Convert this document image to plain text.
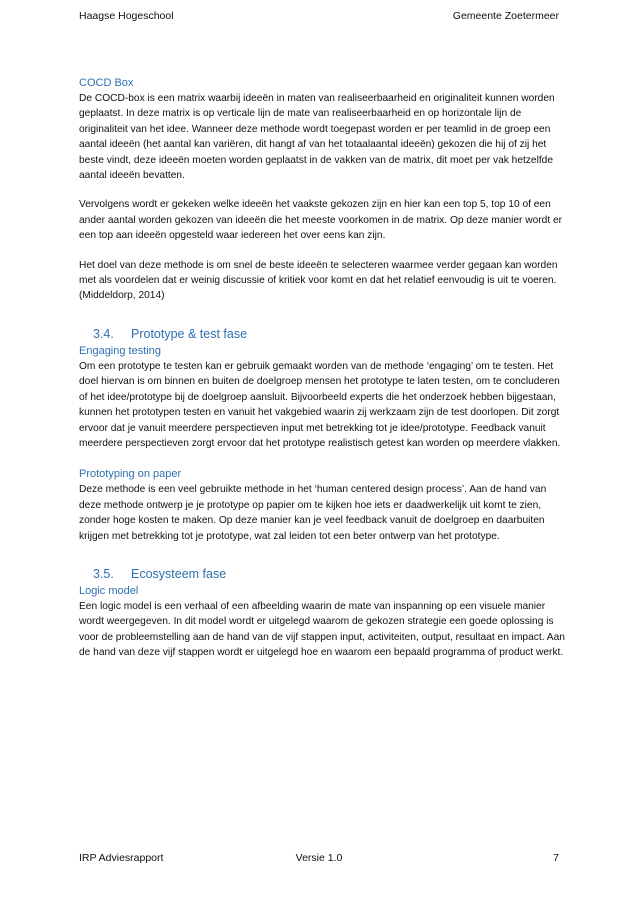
Haagse Hogeschool	Gemeente Zoetermeer
COCD Box

De COCD-box is een matrix waarbij ideeën in maten van realiseerbaarheid en originaliteit kunnen worden geplaatst. In deze matrix is op verticale lijn de mate van realiseerbaarheid en op horizontale lijn de originaliteit van het idee. Wanneer deze methode wordt toegepast worden er per teamlid in de groep een aantal ideeën (het aantal kan variëren, dit hangt af van het totaalaantal ideeën) gekozen die hij of zij het beste vindt, deze ideeën moeten worden geplaatst in de vakken van de matrix, dit moet per vak hetzelfde aantal ideeën bevatten.

Vervolgens wordt er gekeken welke ideeën het vaakste gekozen zijn en hier kan een top 5, top 10 of een ander aantal worden gekozen van ideeën die het meeste voorkomen in de matrix. Op deze manier wordt er een top aan ideeën opgesteld waar iedereen het over eens kan zijn.

Het doel van deze methode is om snel de beste ideeën te selecteren waarmee verder gegaan kan worden met als voordelen dat er weinig discussie of kritiek voor komt en dat het relatief eenvoudig is uit te voeren. (Middeldorp, 2014)

3.4. Prototype & test fase
Engaging testing

Om een prototype te testen kan er gebruik gemaakt worden van de methode ‘engaging’ om te testen. Het doel hiervan is om binnen en buiten de doelgroep mensen het prototype te laten testen, om te concluderen of het idee/prototype bij de doelgroep aansluit. Bijvoorbeeld experts die het onderzoek hebben bijgestaan, kunnen het prototypen testen en vanuit het vakgebied waarin zij werkzaam zijn de test doorlopen. Dit zorgt ervoor dat je vanuit meerdere perspectieven input met betrekking tot je idee/prototype. Feedback vanuit meerdere perspectieven zorgt ervoor dat het prototype realistisch getest kan worden op meerdere vlakken.

Prototyping on paper

Deze methode is een veel gebruikte methode in het ‘human centered design process’. Aan de hand van deze methode ontwerp je je prototype op papier om te kijken hoe iets er daadwerkelijk uit komt te zien, zonder hoge kosten te maken. Op deze manier kan je veel feedback vanuit de doelgroep en daarbuiten krijgen met betrekking tot je prototype, wat zal leiden tot een beter ontwerp van het prototype.

3.5. Ecosysteem fase
Logic model

Een logic model is een verhaal of een afbeelding waarin de mate van inspanning op een visuele manier wordt weergegeven. In dit model wordt er uitgelegd waarom de gekozen strategie een goede oplossing is voor de probleemstelling aan de hand van de vijf stappen input, activiteiten, output, resultaat en impact. Aan de hand van deze vijf stappen wordt er uitgelegd hoe en waarom een bepaald programma of product werkt.

IRP Adviesrapport	Versie 1.0	7
